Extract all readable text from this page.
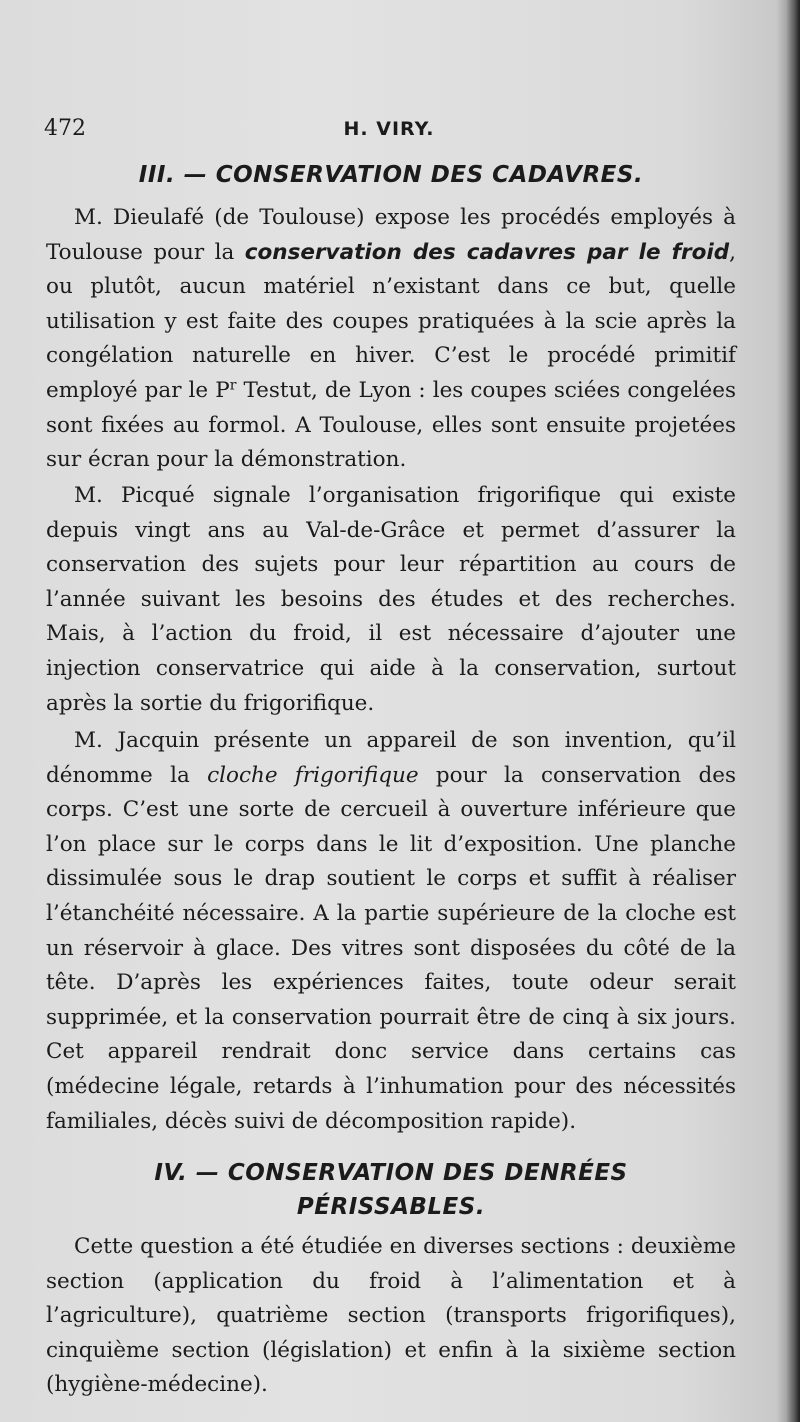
472	H. VIRY.
III. — CONSERVATION DES CADAVRES.

M. Dieulafé (de Toulouse) expose les procédés employés à Toulouse pour la conservation des cadavres par le froid, ou plutôt, aucun matériel n’existant dans ce but, quelle utilisation y est faite des coupes pratiquées à la scie après la congélation naturelle en hiver. C’est le procédé primitif employé par le $P^r$ Testut, de Lyon : les coupes sciées congelées sont fixées au formol. A Toulouse, elles sont ensuite projetées sur écran pour la démonstration.

M. Picqué signale l’organisation frigorifique qui existe depuis vingt ans au Val-de-Grâce et permet d’assurer la conservation des sujets pour leur répartition au cours de l’année suivant les besoins des études et des recherches. Mais, à l’action du froid, il est nécessaire d’ajouter une injection conservatrice qui aide à la conservation, surtout après la sortie du frigorifique.

M. Jacquin présente un appareil de son invention, qu’il dénomme la cloche frigorifique pour la conservation des corps. C’est une sorte de cercueil à ouverture inférieure que l’on place sur le corps dans le lit d’exposition. Une planche dissimulée sous le drap soutient le corps et suffit à réaliser l’étanchéité nécessaire. A la partie supérieure de la cloche est un réservoir à glace. Des vitres sont disposées du côté de la tête. D’après les expériences faites, toute odeur serait supprimée, et la conservation pourrait être de cinq à six jours. Cet appareil rendrait donc service dans certains cas (médecine légale, retards à l’inhumation pour des nécessités familiales, décès suivi de décomposition rapide).

IV. — CONSERVATION DES DENRÉES
PÉRISSABLES.

Cette question a été étudiée en diverses sections : deuxième section (application du froid à l’alimentation et à l’agriculture), quatrième section (transports frigorifiques), cinquième section (législation) et enfin à la sixième section (hygiène-médecine).
